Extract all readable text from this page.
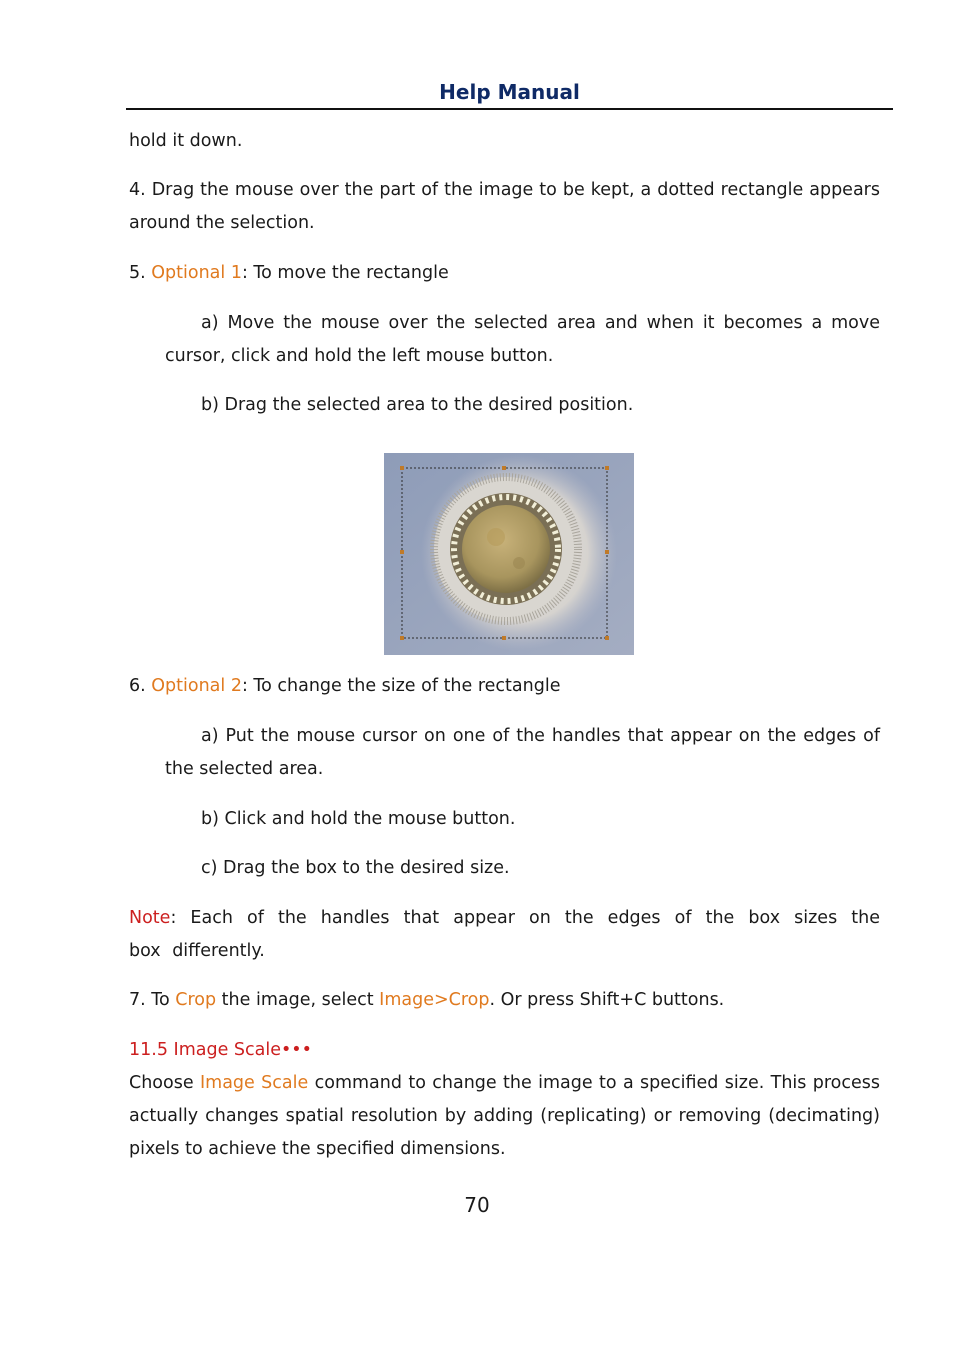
Help Manual

hold it down.

4. Drag the mouse over the part of the image to be kept, a dotted rectangle appears around the selection.

5. Optional 1: To move the rectangle

a) Move the mouse over the selected area and when it becomes a move cursor, click and hold the left mouse button.

b) Drag the selected area to the desired position.

6. Optional 2: To change the size of the rectangle

a) Put the mouse cursor on one of the handles that appear on the edges of the selected area.

b) Click and hold the mouse button.

c) Drag the box to the desired size.

Note: Each of the handles that appear on the edges of the box sizes the box differently.

7. To Crop the image, select Image>Crop. Or press Shift+C buttons.

11.5 Image Scale•••

Choose Image Scale command to change the image to a specified size. This process actually changes spatial resolution by adding (replicating) or removing (decimating) pixels to achieve the specified dimensions.

70
